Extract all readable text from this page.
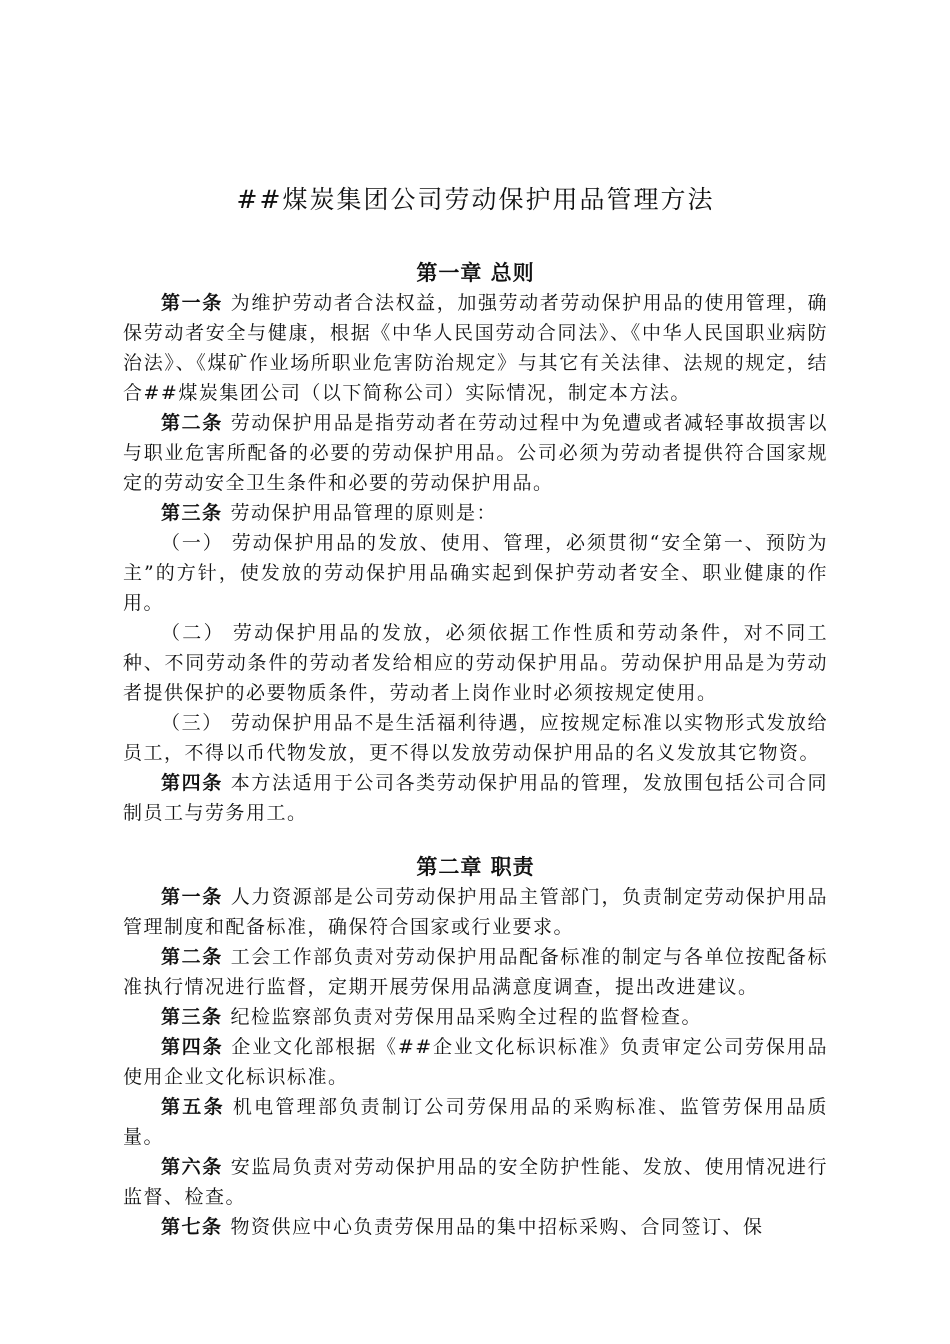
##煤炭集团公司劳动保护用品管理方法
第一章 总则

第一条 为维护劳动者合法权益，加强劳动者劳动保护用品的使用管理，确保劳动者安全与健康，根据《中华人民国劳动合同法》、《中华人民国职业病防治法》、《煤矿作业场所职业危害防治规定》与其它有关法律、法规的规定，结合##煤炭集团公司（以下简称公司）实际情况，制定本方法。

第二条 劳动保护用品是指劳动者在劳动过程中为免遭或者减轻事故损害以与职业危害所配备的必要的劳动保护用品。公司必须为劳动者提供符合国家规定的劳动安全卫生条件和必要的劳动保护用品。

第三条 劳动保护用品管理的原则是：

（一） 劳动保护用品的发放、使用、管理，必须贯彻“安全第一、预防为主”的方针，使发放的劳动保护用品确实起到保护劳动者安全、职业健康的作用。

（二） 劳动保护用品的发放，必须依据工作性质和劳动条件，对不同工种、不同劳动条件的劳动者发给相应的劳动保护用品。劳动保护用品是为劳动者提供保护的必要物质条件，劳动者上岗作业时必须按规定使用。

（三） 劳动保护用品不是生活福利待遇，应按规定标准以实物形式发放给员工，不得以币代物发放，更不得以发放劳动保护用品的名义发放其它物资。

第四条 本方法适用于公司各类劳动保护用品的管理，发放围包括公司合同制员工与劳务用工。

第二章 职责

第一条 人力资源部是公司劳动保护用品主管部门，负责制定劳动保护用品管理制度和配备标准，确保符合国家或行业要求。

第二条 工会工作部负责对劳动保护用品配备标准的制定与各单位按配备标准执行情况进行监督，定期开展劳保用品满意度调查，提出改进建议。

第三条 纪检监察部负责对劳保用品采购全过程的监督检查。

第四条 企业文化部根据《##企业文化标识标准》负责审定公司劳保用品使用企业文化标识标准。

第五条 机电管理部负责制订公司劳保用品的采购标准、监管劳保用品质量。

第六条 安监局负责对劳动保护用品的安全防护性能、发放、使用情况进行监督、检查。

第七条 物资供应中心负责劳保用品的集中招标采购、合同签订、保
